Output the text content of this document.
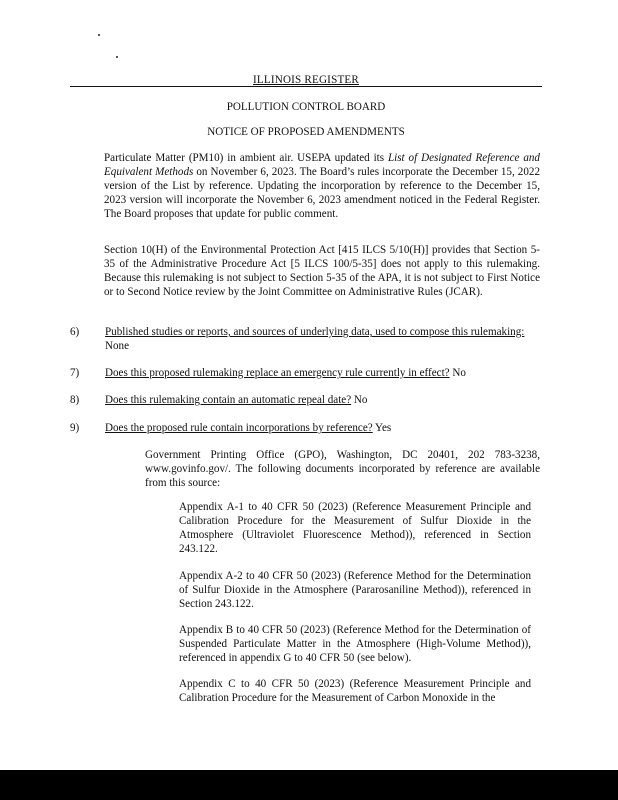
ILLINOIS REGISTER
POLLUTION CONTROL BOARD
NOTICE OF PROPOSED AMENDMENTS
Particulate Matter (PM10) in ambient air. USEPA updated its List of Designated Reference and Equivalent Methods on November 6, 2023. The Board’s rules incorporate the December 15, 2022 version of the List by reference. Updating the incorporation by reference to the December 15, 2023 version will incorporate the November 6, 2023 amendment noticed in the Federal Register. The Board proposes that update for public comment.
Section 10(H) of the Environmental Protection Act [415 ILCS 5/10(H)] provides that Section 5-35 of the Administrative Procedure Act [5 ILCS 100/5-35] does not apply to this rulemaking. Because this rulemaking is not subject to Section 5-35 of the APA, it is not subject to First Notice or to Second Notice review by the Joint Committee on Administrative Rules (JCAR).
6) Published studies or reports, and sources of underlying data, used to compose this rulemaking: None
7) Does this proposed rulemaking replace an emergency rule currently in effect? No
8) Does this rulemaking contain an automatic repeal date? No
9) Does the proposed rule contain incorporations by reference? Yes
Government Printing Office (GPO), Washington, DC 20401, 202 783-3238, www.govinfo.gov/. The following documents incorporated by reference are available from this source:
Appendix A-1 to 40 CFR 50 (2023) (Reference Measurement Principle and Calibration Procedure for the Measurement of Sulfur Dioxide in the Atmosphere (Ultraviolet Fluorescence Method)), referenced in Section 243.122.
Appendix A-2 to 40 CFR 50 (2023) (Reference Method for the Determination of Sulfur Dioxide in the Atmosphere (Pararosaniline Method)), referenced in Section 243.122.
Appendix B to 40 CFR 50 (2023) (Reference Method for the Determination of Suspended Particulate Matter in the Atmosphere (High-Volume Method)), referenced in appendix G to 40 CFR 50 (see below).
Appendix C to 40 CFR 50 (2023) (Reference Measurement Principle and Calibration Procedure for the Measurement of Carbon Monoxide in the
